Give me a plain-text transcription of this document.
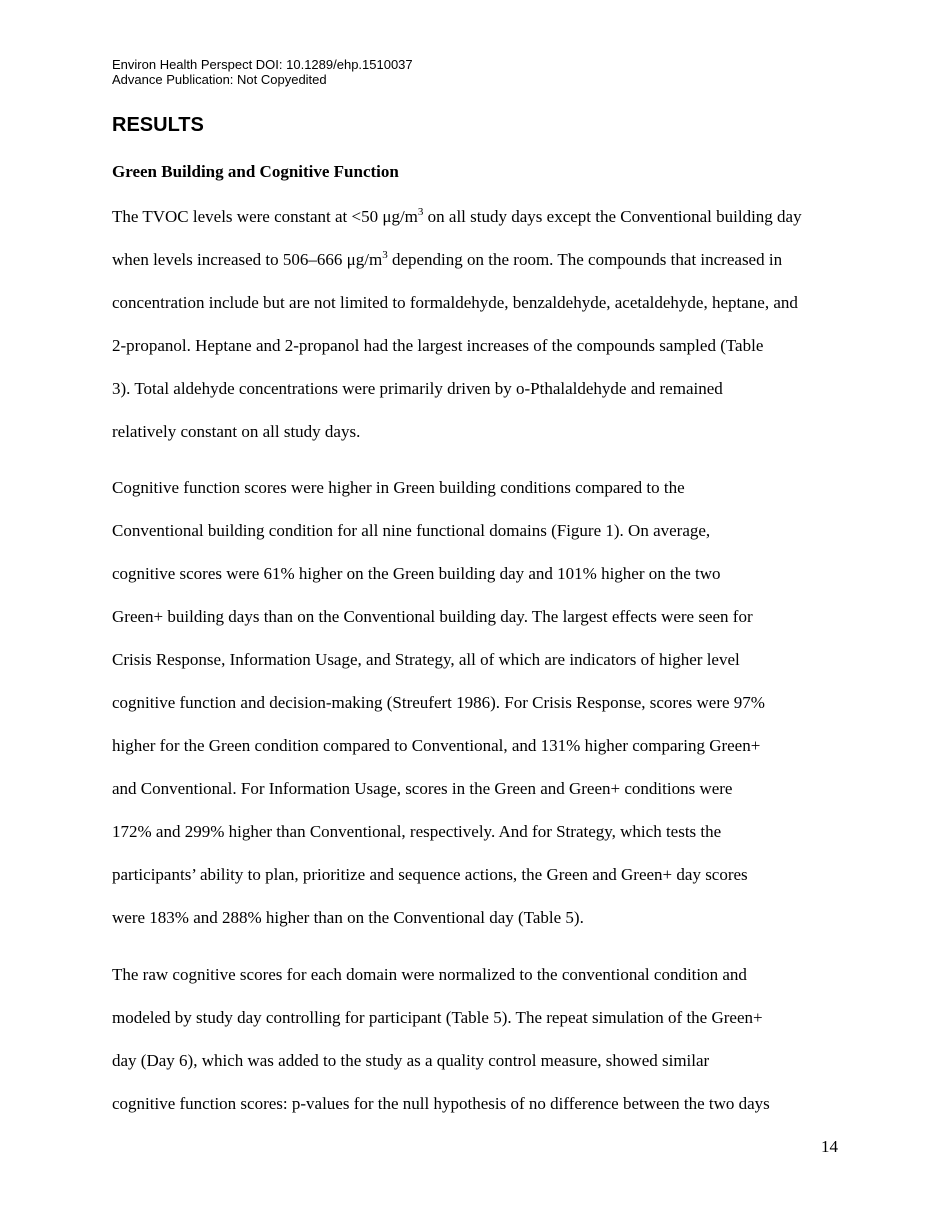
Environ Health Perspect DOI: 10.1289/ehp.1510037
Advance Publication: Not Copyedited
RESULTS
Green Building and Cognitive Function
The TVOC levels were constant at <50 $\mu g/m^3$ on all study days except the Conventional building day
when levels increased to 506–666 $\mu g/m^3$ depending on the room. The compounds that increased in
concentration include but are not limited to formaldehyde, benzaldehyde, acetaldehyde, heptane, and
2-propanol. Heptane and 2-propanol had the largest increases of the compounds sampled (Table
3). Total aldehyde concentrations were primarily driven by o-Pthalaldehyde and remained
relatively constant on all study days.
Cognitive function scores were higher in Green building conditions compared to the
Conventional building condition for all nine functional domains (Figure 1). On average,
cognitive scores were 61% higher on the Green building day and 101% higher on the two
Green+ building days than on the Conventional building day. The largest effects were seen for
Crisis Response, Information Usage, and Strategy, all of which are indicators of higher level
cognitive function and decision-making (Streufert 1986). For Crisis Response, scores were 97%
higher for the Green condition compared to Conventional, and 131% higher comparing Green+
and Conventional. For Information Usage, scores in the Green and Green+ conditions were
172% and 299% higher than Conventional, respectively. And for Strategy, which tests the
participants’ ability to plan, prioritize and sequence actions, the Green and Green+ day scores
were 183% and 288% higher than on the Conventional day (Table 5).
The raw cognitive scores for each domain were normalized to the conventional condition and
modeled by study day controlling for participant (Table 5). The repeat simulation of the Green+
day (Day 6), which was added to the study as a quality control measure, showed similar
cognitive function scores: p-values for the null hypothesis of no difference between the two days
14
